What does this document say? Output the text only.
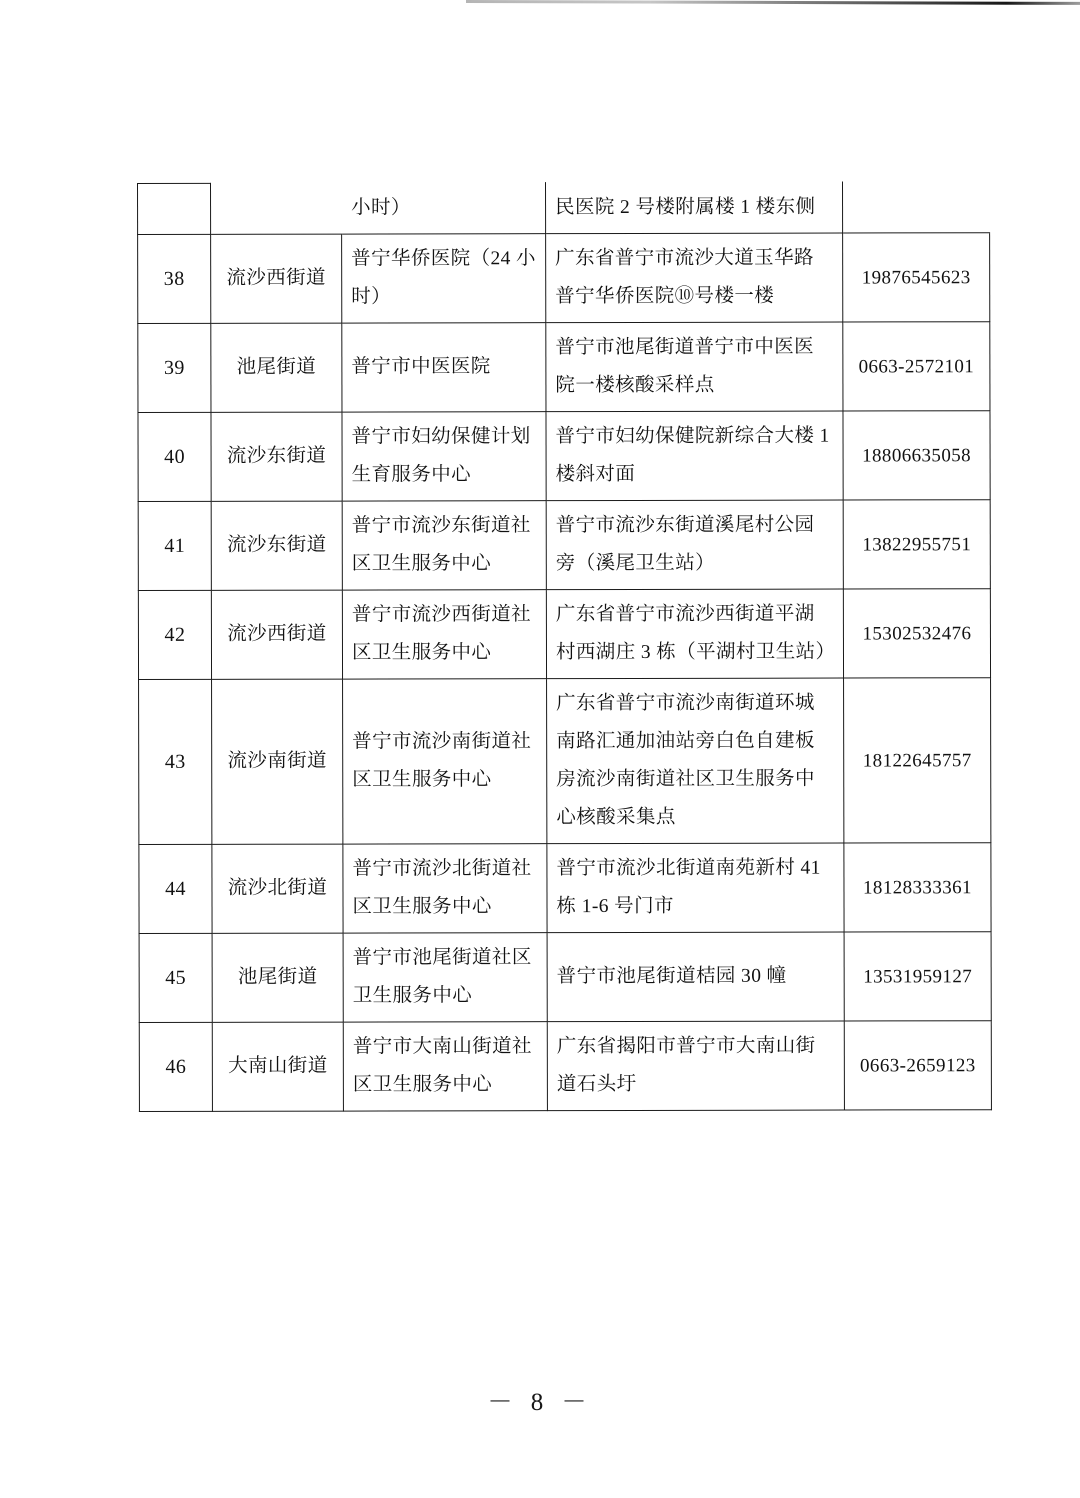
		小时）	民医院 2 号楼附属楼 1 楼东侧	
38	流沙西街道	普宁华侨医院（24 小时）	广东省普宁市流沙大道玉华路普宁华侨医院⑩号楼一楼	19876545623
39	池尾街道	普宁市中医医院	普宁市池尾街道普宁市中医医院一楼核酸采样点	0663-2572101
40	流沙东街道	普宁市妇幼保健计划生育服务中心	普宁市妇幼保健院新综合大楼 1 楼斜对面	18806635058
41	流沙东街道	普宁市流沙东街道社区卫生服务中心	普宁市流沙东街道溪尾村公园旁（溪尾卫生站）	13822955751
42	流沙西街道	普宁市流沙西街道社区卫生服务中心	广东省普宁市流沙西街道平湖村西湖庄 3 栋（平湖村卫生站）	15302532476
43	流沙南街道	普宁市流沙南街道社区卫生服务中心	广东省普宁市流沙南街道环城南路汇通加油站旁白色自建板房流沙南街道社区卫生服务中心核酸采集点	18122645757
44	流沙北街道	普宁市流沙北街道社区卫生服务中心	普宁市流沙北街道南苑新村 41 栋 1-6 号门市	18128333361
45	池尾街道	普宁市池尾街道社区卫生服务中心	普宁市池尾街道桔园 30 幢	13531959127
46	大南山街道	普宁市大南山街道社区卫生服务中心	广东省揭阳市普宁市大南山街道石头圩	0663-2659123
－ 8 －
